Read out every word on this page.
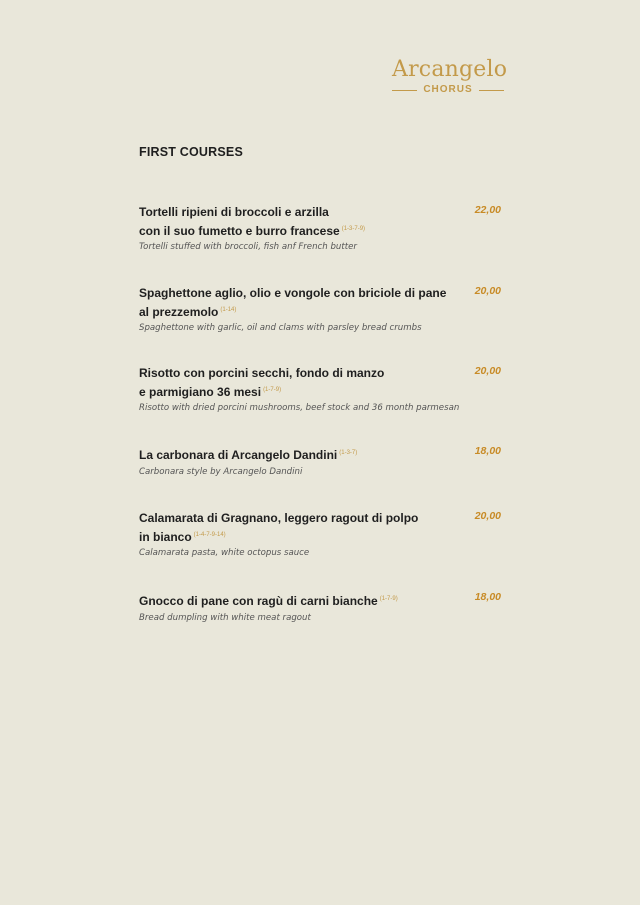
Arcangelo
CHORUS
FIRST COURSES
Tortelli ripieni di broccoli e arzilla
con il suo fumetto e burro francese $^{(1-3-7-9)}$
Tortelli stuffed with broccoli, fish anf French butter
22,00
Spaghettone aglio, olio e vongole con briciole di pane
al prezzemolo $^{(1-14)}$
Spaghettone with garlic, oil and clams with parsley bread crumbs
20,00
Risotto con porcini secchi, fondo di manzo
e parmigiano 36 mesi $^{(1-7-9)}$
Risotto with dried porcini mushrooms, beef stock and 36 month parmesan
20,00
La carbonara di Arcangelo Dandini $^{(1-3-7)}$
Carbonara style by Arcangelo Dandini
18,00
Calamarata di Gragnano, leggero ragout di polpo
in bianco $^{(1-4-7-9-14)}$
Calamarata pasta, white octopus sauce
20,00
Gnocco di pane con ragù di carni bianche $^{(1-7-9)}$
Bread dumpling with white meat ragout
18,00
